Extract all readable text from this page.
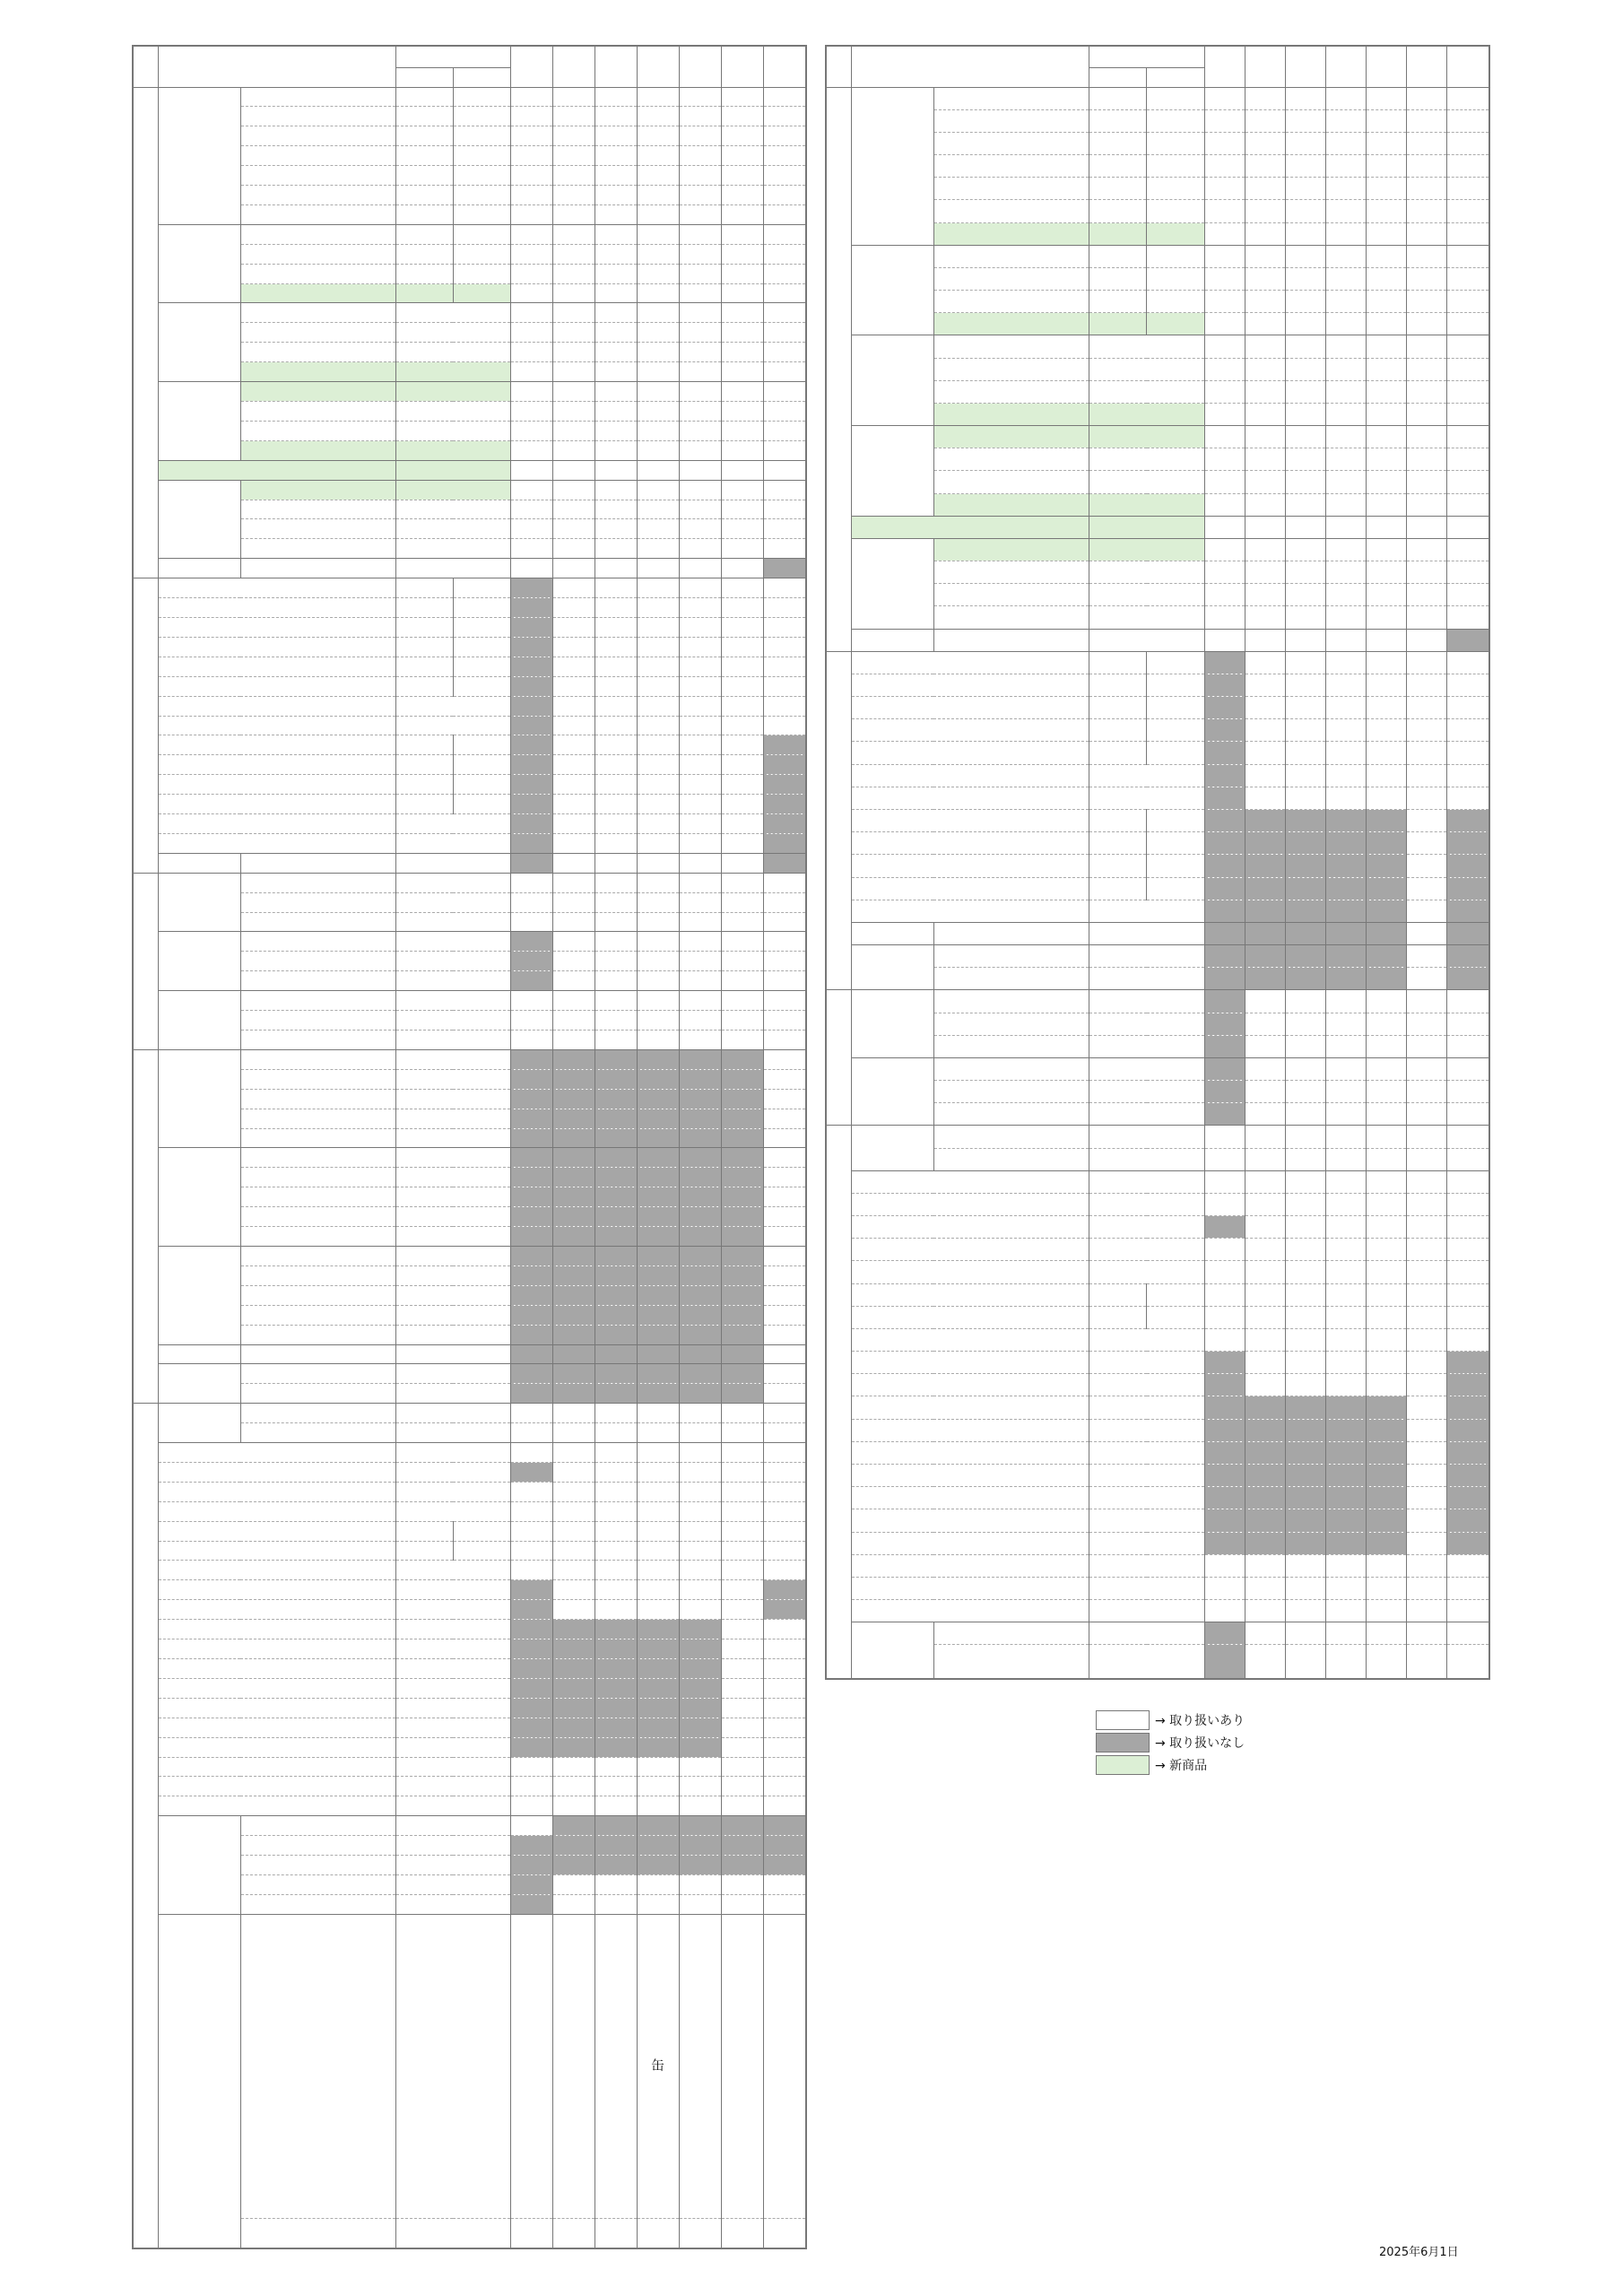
								缶			

→ 取り扱いあり
→ 取り扱いなし
→ 新商品
2025年6月1日
